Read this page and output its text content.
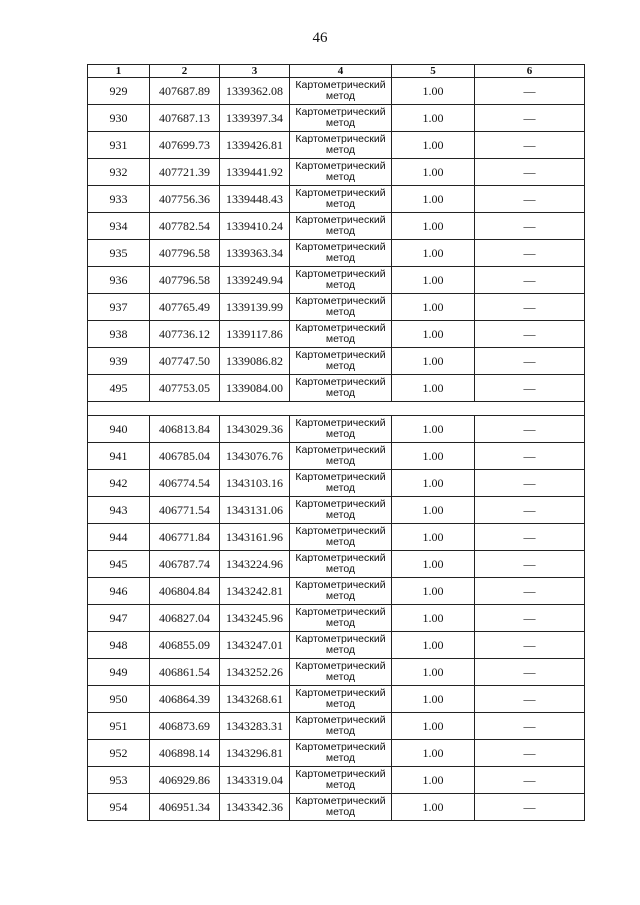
46
1	2	3	4	5	6
929	407687.89	1339362.08	Картометрический метод	1.00	—
930	407687.13	1339397.34	Картометрический метод	1.00	—
931	407699.73	1339426.81	Картометрический метод	1.00	—
932	407721.39	1339441.92	Картометрический метод	1.00	—
933	407756.36	1339448.43	Картометрический метод	1.00	—
934	407782.54	1339410.24	Картометрический метод	1.00	—
935	407796.58	1339363.34	Картометрический метод	1.00	—
936	407796.58	1339249.94	Картометрический метод	1.00	—
937	407765.49	1339139.99	Картометрический метод	1.00	—
938	407736.12	1339117.86	Картометрический метод	1.00	—
939	407747.50	1339086.82	Картометрический метод	1.00	—
495	407753.05	1339084.00	Картометрический метод	1.00	—

940	406813.84	1343029.36	Картометрический метод	1.00	—
941	406785.04	1343076.76	Картометрический метод	1.00	—
942	406774.54	1343103.16	Картометрический метод	1.00	—
943	406771.54	1343131.06	Картометрический метод	1.00	—
944	406771.84	1343161.96	Картометрический метод	1.00	—
945	406787.74	1343224.96	Картометрический метод	1.00	—
946	406804.84	1343242.81	Картометрический метод	1.00	—
947	406827.04	1343245.96	Картометрический метод	1.00	—
948	406855.09	1343247.01	Картометрический метод	1.00	—
949	406861.54	1343252.26	Картометрический метод	1.00	—
950	406864.39	1343268.61	Картометрический метод	1.00	—
951	406873.69	1343283.31	Картометрический метод	1.00	—
952	406898.14	1343296.81	Картометрический метод	1.00	—
953	406929.86	1343319.04	Картометрический метод	1.00	—
954	406951.34	1343342.36	Картометрический метод	1.00	—
